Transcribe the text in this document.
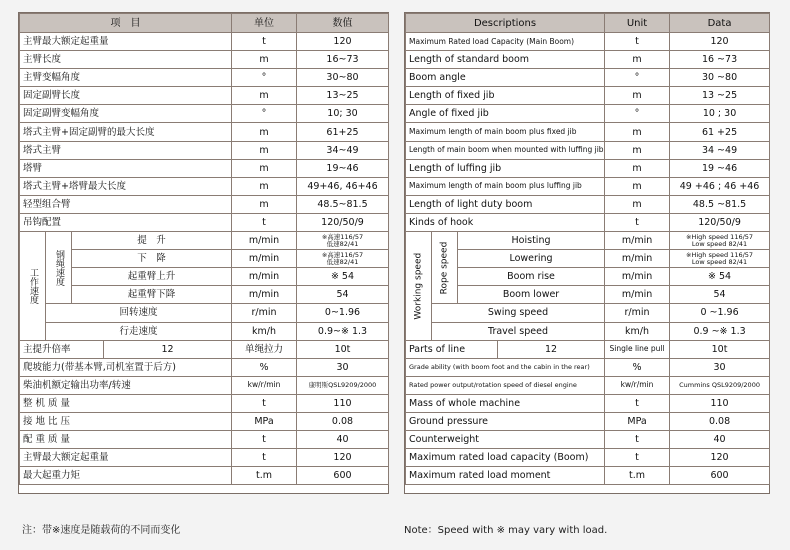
项　目				单位	数值
主臂最大额定起重量				t	120
主臂长度				m	16~73
主臂变幅角度				°	30~80
固定副臂长度				m	13~25
固定副臂变幅角度				°	10; 30
塔式主臂+固定副臂的最大长度				m	61+25
塔式主臂				m	34~49
塔臂				m	19~46
塔式主臂+塔臂最大长度				m	49+46, 46+46
轻型组合臂				m	48.5~81.5
吊钩配置				t	120/50/9
工作速度	钢绳速度	提　升		m/min	※高速116/57
低速82/41

		下　降		m/min	※高速116/57
低速82/41

		起重臂上升		m/min	※ 54

		起重臂下降		m/min	54

	回转速度			r/min	0~1.96
	行走速度			km/h	0.9~※ 1.3
主提升倍率			12	单绳拉力	10t
爬坡能力(带基本臂,司机室置于后方)				%	30
柴油机额定输出功率/转速				kw/r/min	康明斯QSL9209/2000
整 机 质 量				t	110
接 地 比 压				MPa	0.08
配 重 质 量				t	40
主臂最大额定起重量				t	120
最大起重力矩				t.m	600
Descriptions				Unit	Data
Maximum Rated load Capacity (Main Boom)				t	120
Length of standard boom				m	16 ~73
Boom angle				°	30 ~80
Length of fixed jib				m	13 ~25
Angle of fixed jib				°	10 ; 30
Maximum length of main boom plus fixed jib				m	61 +25
Length of main boom when mounted with luffing jib				m	34 ~49
Length of luffing jib				m	19 ~46
Maximum length of main boom plus luffing jib				m	49 +46 ; 46 +46
Length of light duty boom				m	48.5 ~81.5
Kinds of hook				t	120/50/9
Working speed	Rope speed	Hoisting		m/min	※High speed 116/57
Low speed 82/41

		Lowering		m/min	※High speed 116/57
Low speed 82/41

		Boom rise		m/min	※ 54

		Boom lower		m/min	54

	Swing speed			r/min	0 ~1.96
	Travel speed			km/h	0.9 ~※ 1.3
Parts of line			12	Single line pull	10t
Grade ability (with boom foot and the cabin in the rear)				%	30
Rated power output/rotation speed of diesel engine				kw/r/min	Cummins QSL9209/2000
Mass of whole machine				t	110
Ground pressure				MPa	0.08
Counterweight				t	40
Maximum rated load capacity (Boom)				t	120
Maximum rated load moment				t.m	600
注：带※速度是随载荷的不同而变化	Note：Speed with ※ may vary with load.
